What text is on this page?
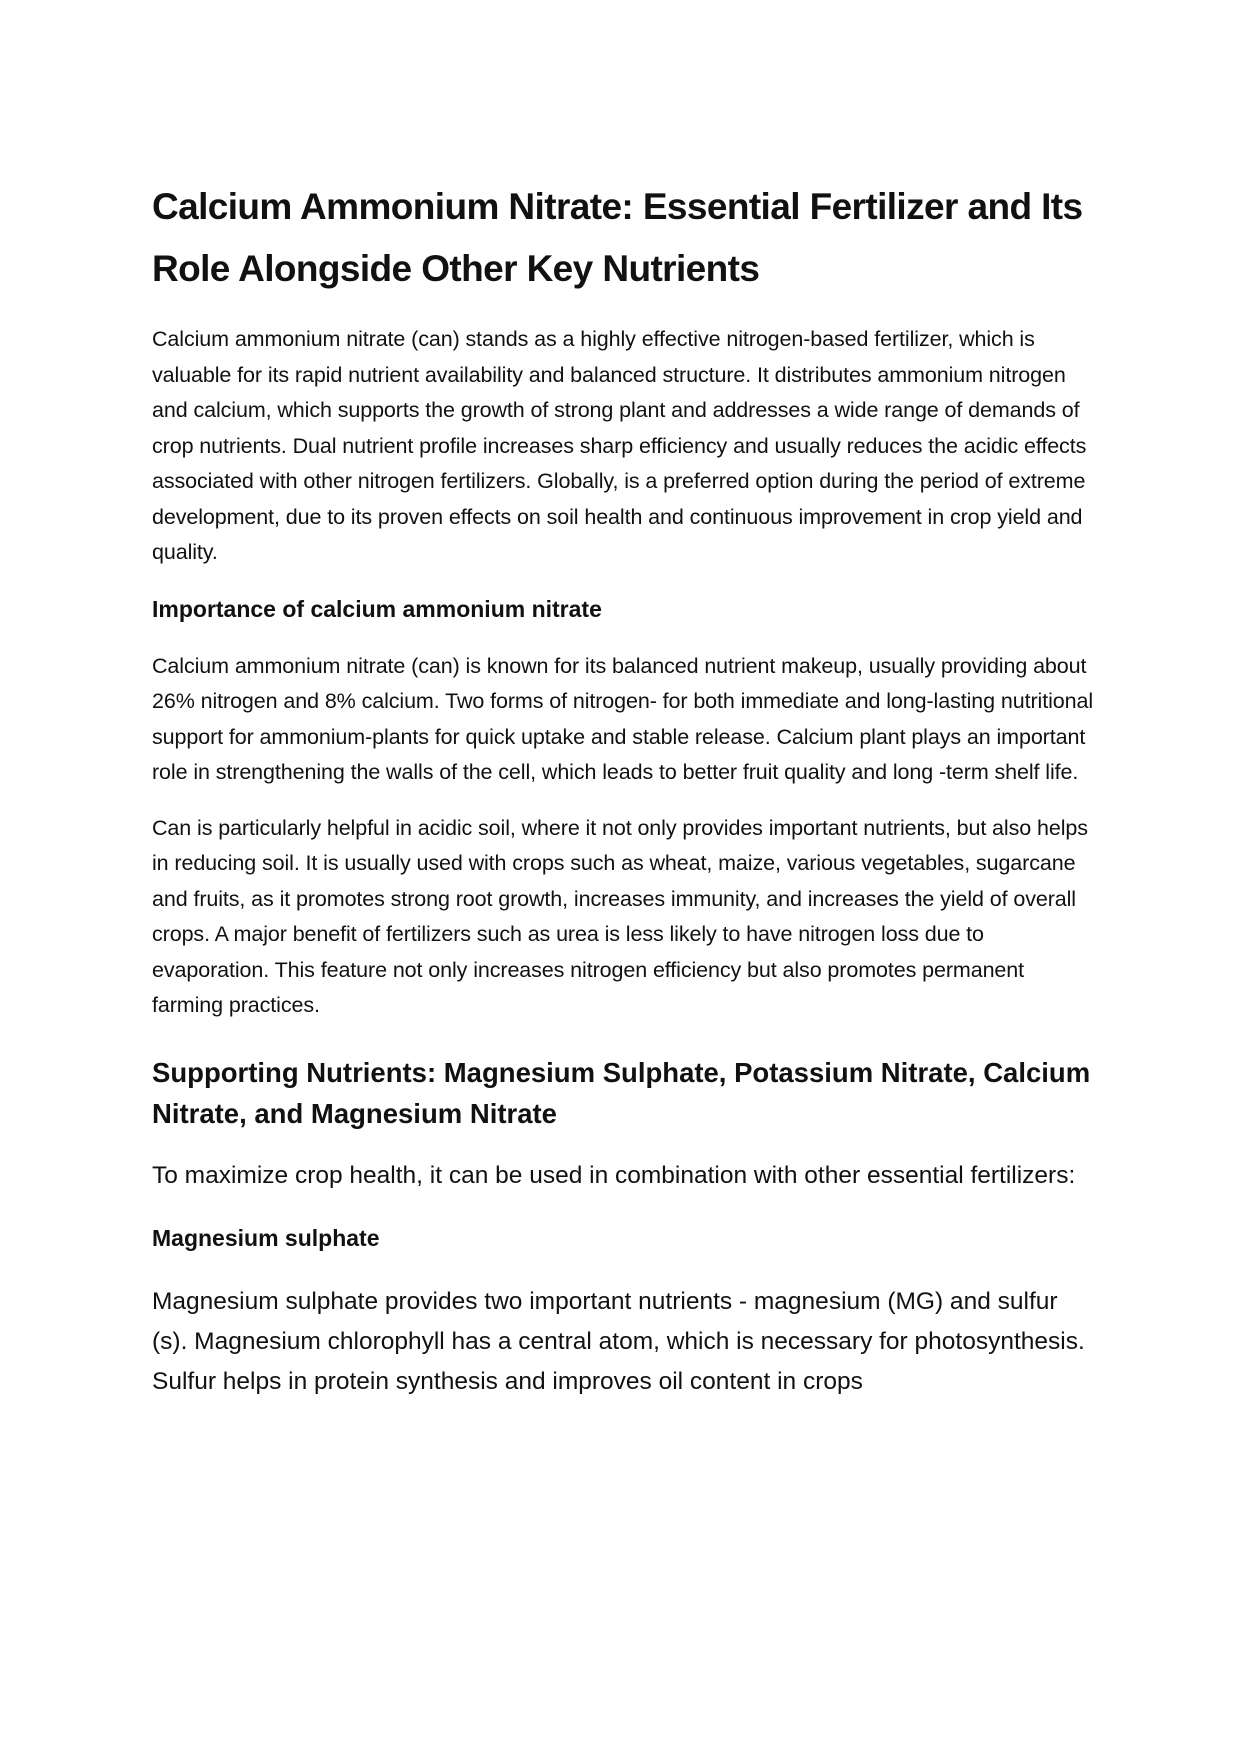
Calcium Ammonium Nitrate: Essential Fertilizer and Its Role Alongside Other Key Nutrients

Calcium ammonium nitrate (can) stands as a highly effective nitrogen-based fertilizer, which is valuable for its rapid nutrient availability and balanced structure. It distributes ammonium nitrogen and calcium, which supports the growth of strong plant and addresses a wide range of demands of crop nutrients. Dual nutrient profile increases sharp efficiency and usually reduces the acidic effects associated with other nitrogen fertilizers. Globally, is a preferred option during the period of extreme development, due to its proven effects on soil health and continuous improvement in crop yield and quality.

Importance of calcium ammonium nitrate

Calcium ammonium nitrate (can) is known for its balanced nutrient makeup, usually providing about 26% nitrogen and 8% calcium. Two forms of nitrogen- for both immediate and long-lasting nutritional support for ammonium-plants for quick uptake and stable release. Calcium plant plays an important role in strengthening the walls of the cell, which leads to better fruit quality and long -term shelf life.

Can is particularly helpful in acidic soil, where it not only provides important nutrients, but also helps in reducing soil. It is usually used with crops such as wheat, maize, various vegetables, sugarcane and fruits, as it promotes strong root growth, increases immunity, and increases the yield of overall crops. A major benefit of fertilizers such as urea is less likely to have nitrogen loss due to evaporation. This feature not only increases nitrogen efficiency but also promotes permanent farming practices.

Supporting Nutrients: Magnesium Sulphate, Potassium Nitrate, Calcium Nitrate, and Magnesium Nitrate

To maximize crop health, it can be used in combination with other essential fertilizers:

Magnesium sulphate

Magnesium sulphate provides two important nutrients - magnesium (MG) and sulfur (s). Magnesium chlorophyll has a central atom, which is necessary for photosynthesis. Sulfur helps in protein synthesis and improves oil content in crops
